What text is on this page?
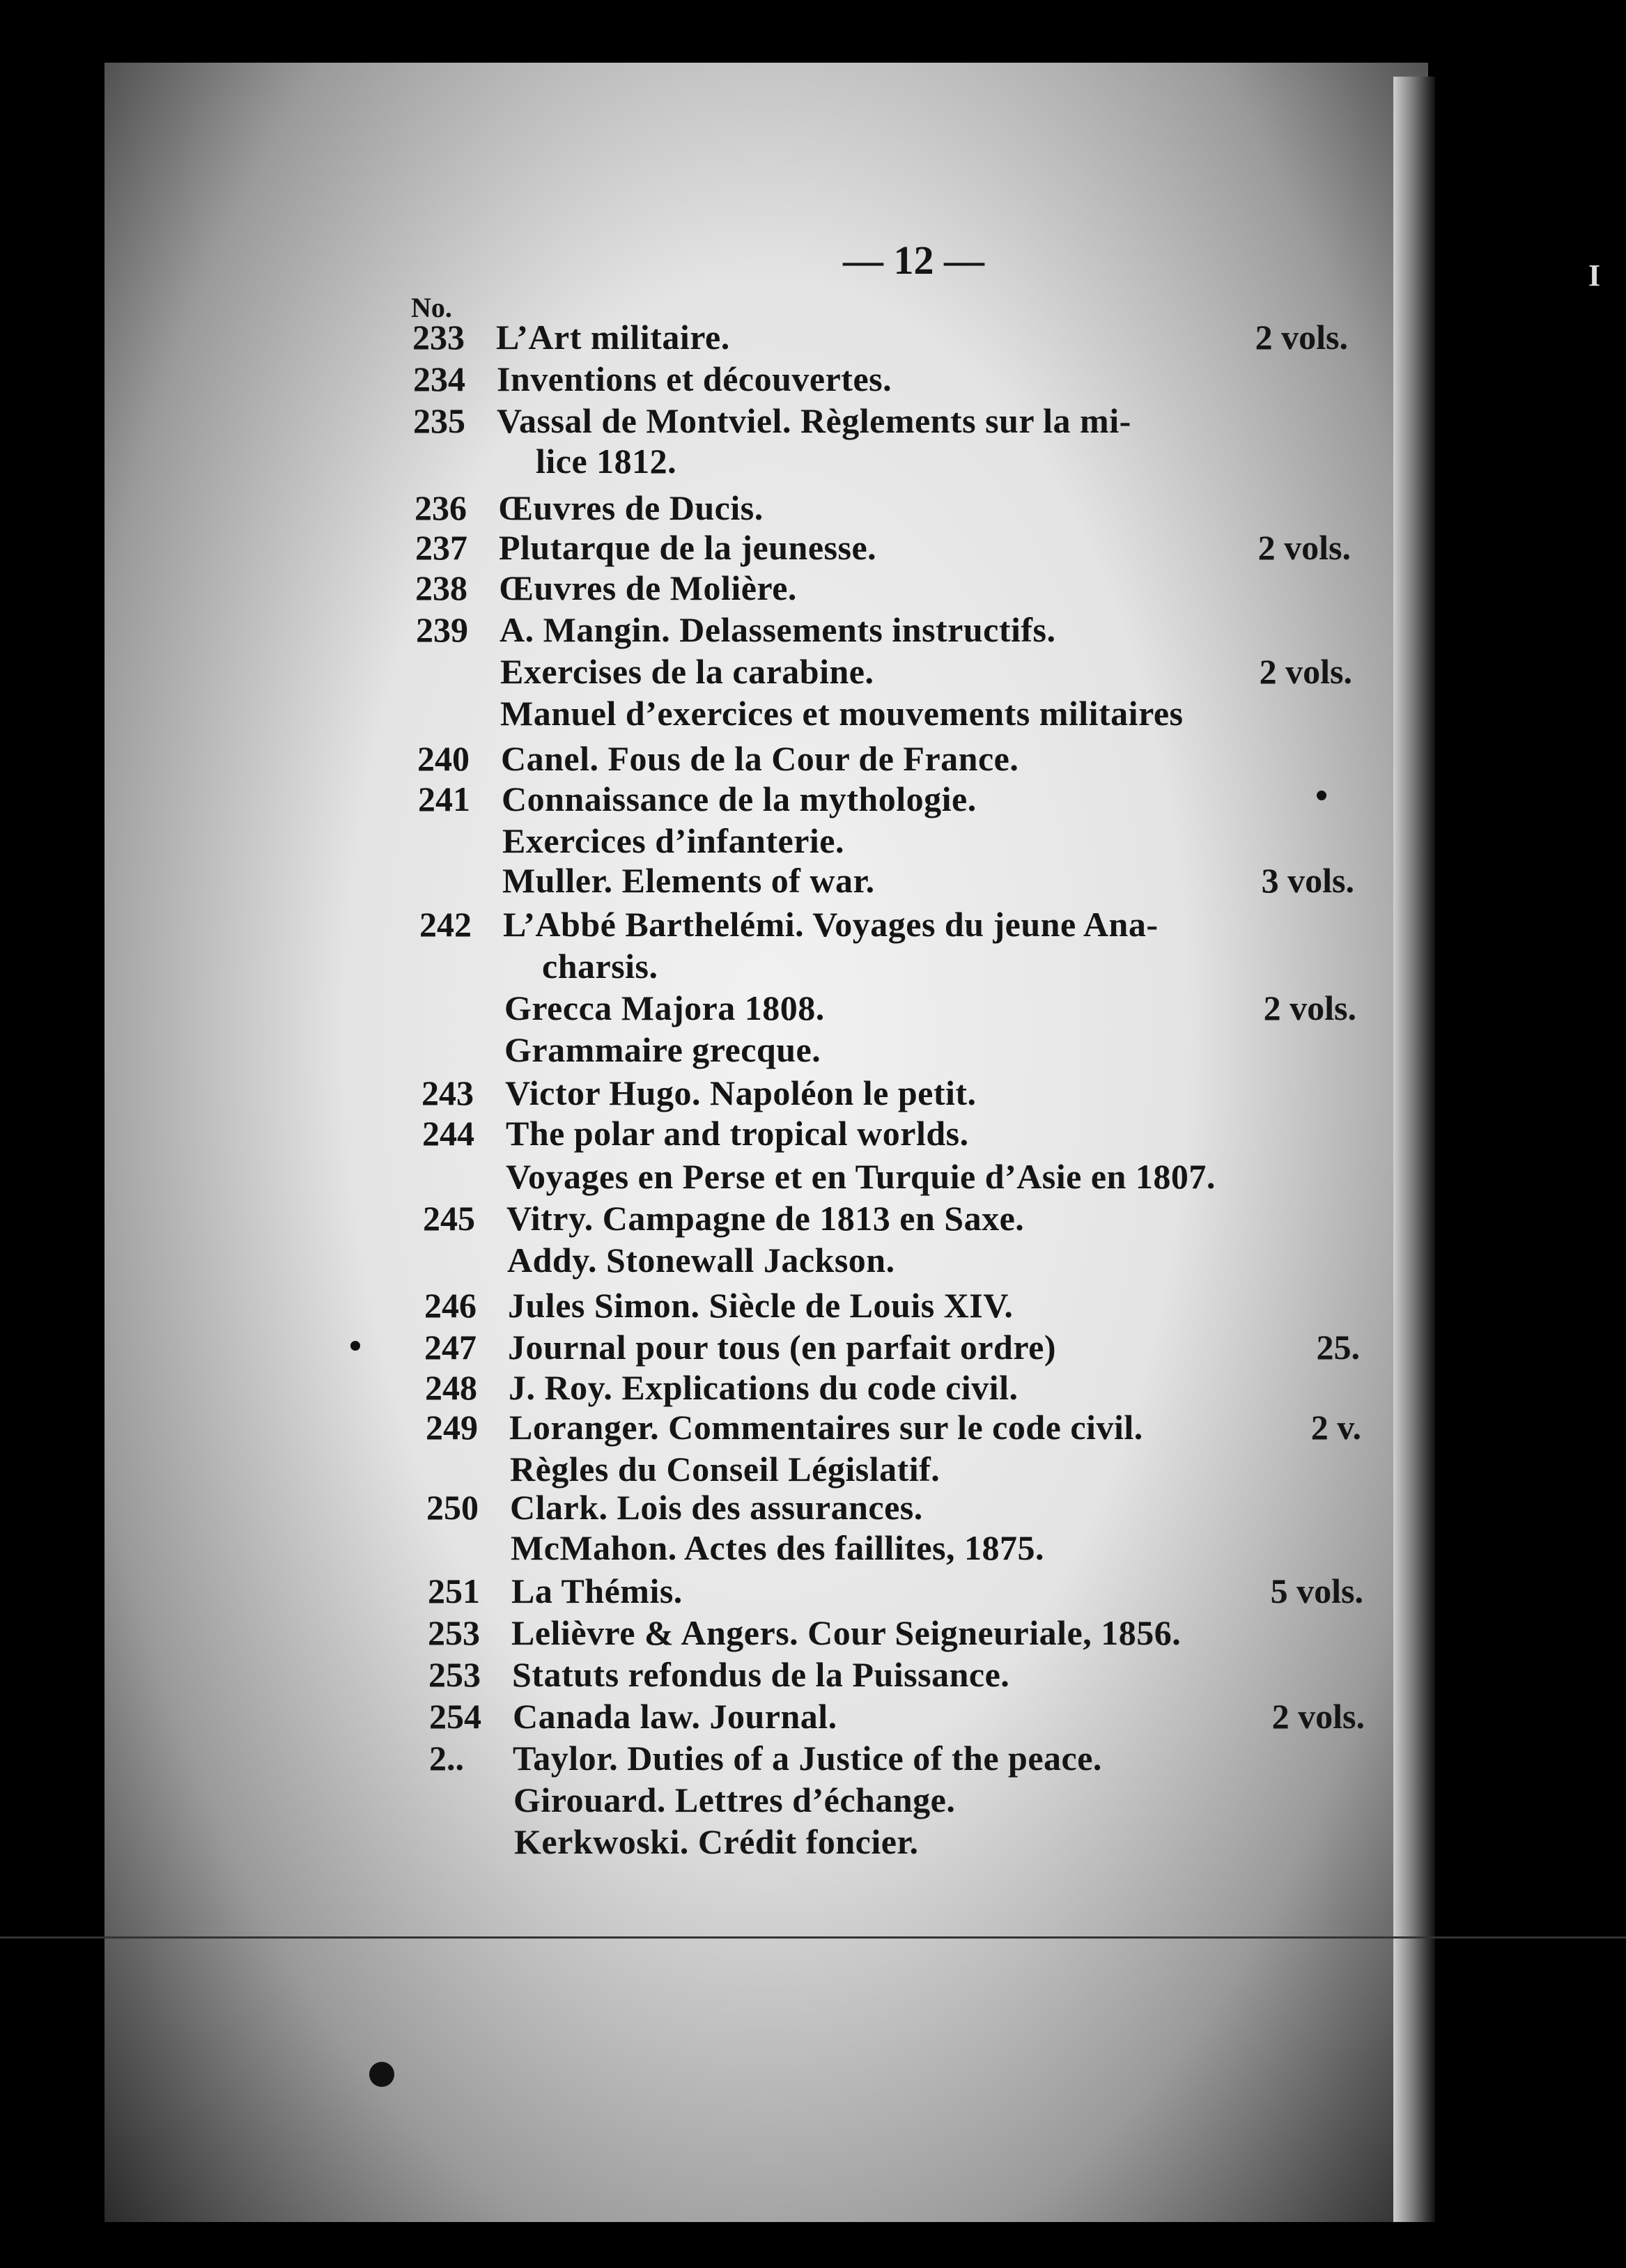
I
— 12 —
No.
233 L’Art militaire.	2 vols.
234 Inventions et découvertes.
235 Vassal de Montviel. Règlements sur la mi-
lice 1812.
236 Œuvres de Ducis.
237 Plutarque de la jeunesse.	2 vols.
238 Œuvres de Molière.
239 A. Mangin. Delassements instructifs.
Exercises de la carabine.	2 vols.
Manuel d’exercices et mouvements militaires
240 Canel. Fous de la Cour de France.
241 Connaissance de la mythologie.
Exercices d’infanterie.
Muller. Elements of war.	3 vols.
242 L’Abbé Barthelémi. Voyages du jeune Ana-
charsis.
Grecca Majora 1808.	2 vols.
Grammaire grecque.
243 Victor Hugo. Napoléon le petit.
244 The polar and tropical worlds.
Voyages en Perse et en Turquie d’Asie en 1807.
245 Vitry. Campagne de 1813 en Saxe.
Addy. Stonewall Jackson.
246 Jules Simon. Siècle de Louis XIV.
247 Journal pour tous (en parfait ordre)	25.
248 J. Roy. Explications du code civil.
249 Loranger. Commentaires sur le code civil.	2 v.
Règles du Conseil Législatif.
250 Clark. Lois des assurances.
McMahon. Actes des faillites, 1875.
251 La Thémis.	5 vols.
253 Lelièvre & Angers. Cour Seigneuriale, 1856.
253 Statuts refondus de la Puissance.
254 Canada law. Journal.	2 vols.
2.. Taylor. Duties of a Justice of the peace.
Girouard. Lettres d’échange.
Kerkwoski. Crédit foncier.
